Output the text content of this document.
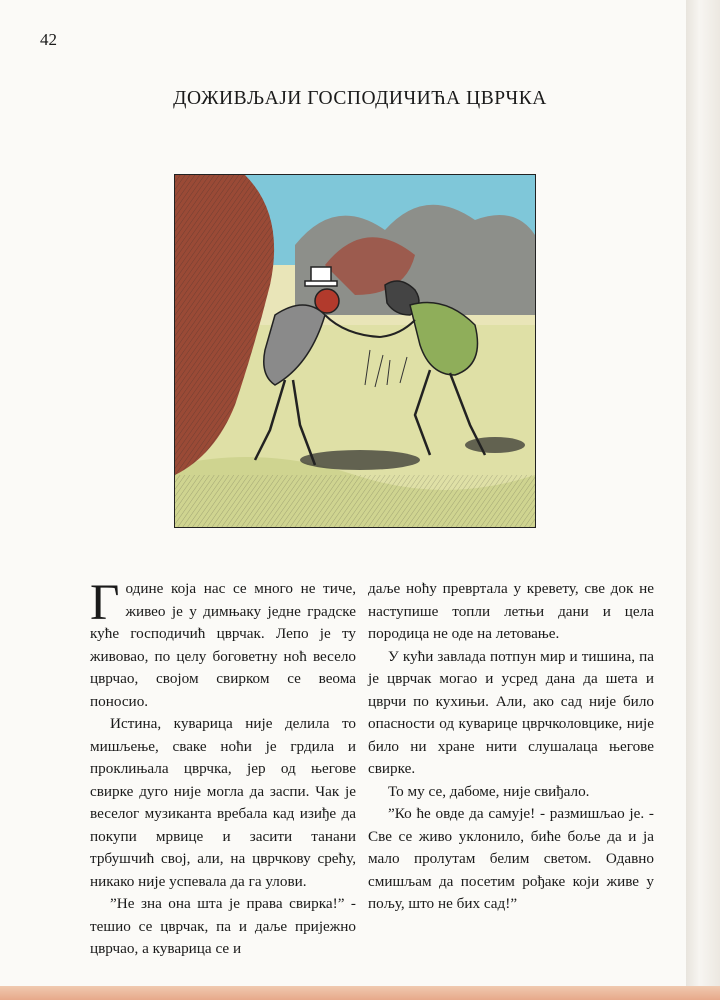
42
ДОЖИВЉАЈИ ГОСПОДИЧИЋА ЦВРЧКА

Године која нас се много не тиче, живео је у димњаку једне градске куће господичић цврчак. Лепо је ту живовао, по целу боговетну ноћ весело цврчао, својом свирком се веома поносио.

Истина, куварица није делила то мишљење, сваке ноћи је грдила и проклињала цврчка, јер од његове свирке дуго није могла да заспи. Чак је веселог музиканта вребала кад изиђе да покупи мрвице и засити танани трбушчић свој, али, на цврчкову срећу, никако није успевала да га улови.

”Не зна она шта је права свирка!” - тешио се цврчак, па и даље пријежно цврчао, а куварица се и

даље ноћу превртала у кревету, све док не наступише топли летњи дани и цела породица не оде на летовање.

У кући завлада потпун мир и тишина, па је цврчак могао и усред дана да шета и цврчи по кухињи. Али, ако сад није било опасности од куварице цврчколовцике, није било ни хране нити слушалаца његове свирке.

То му се, дабоме, није свиђало.

”Ко ће овде да самује! - размишљао је. - Све се живо уклонило, биће боље да и ја мало пролутам белим светом. Одавно смишљам да посетим рођаке који живе у пољу, што не бих сад!”
